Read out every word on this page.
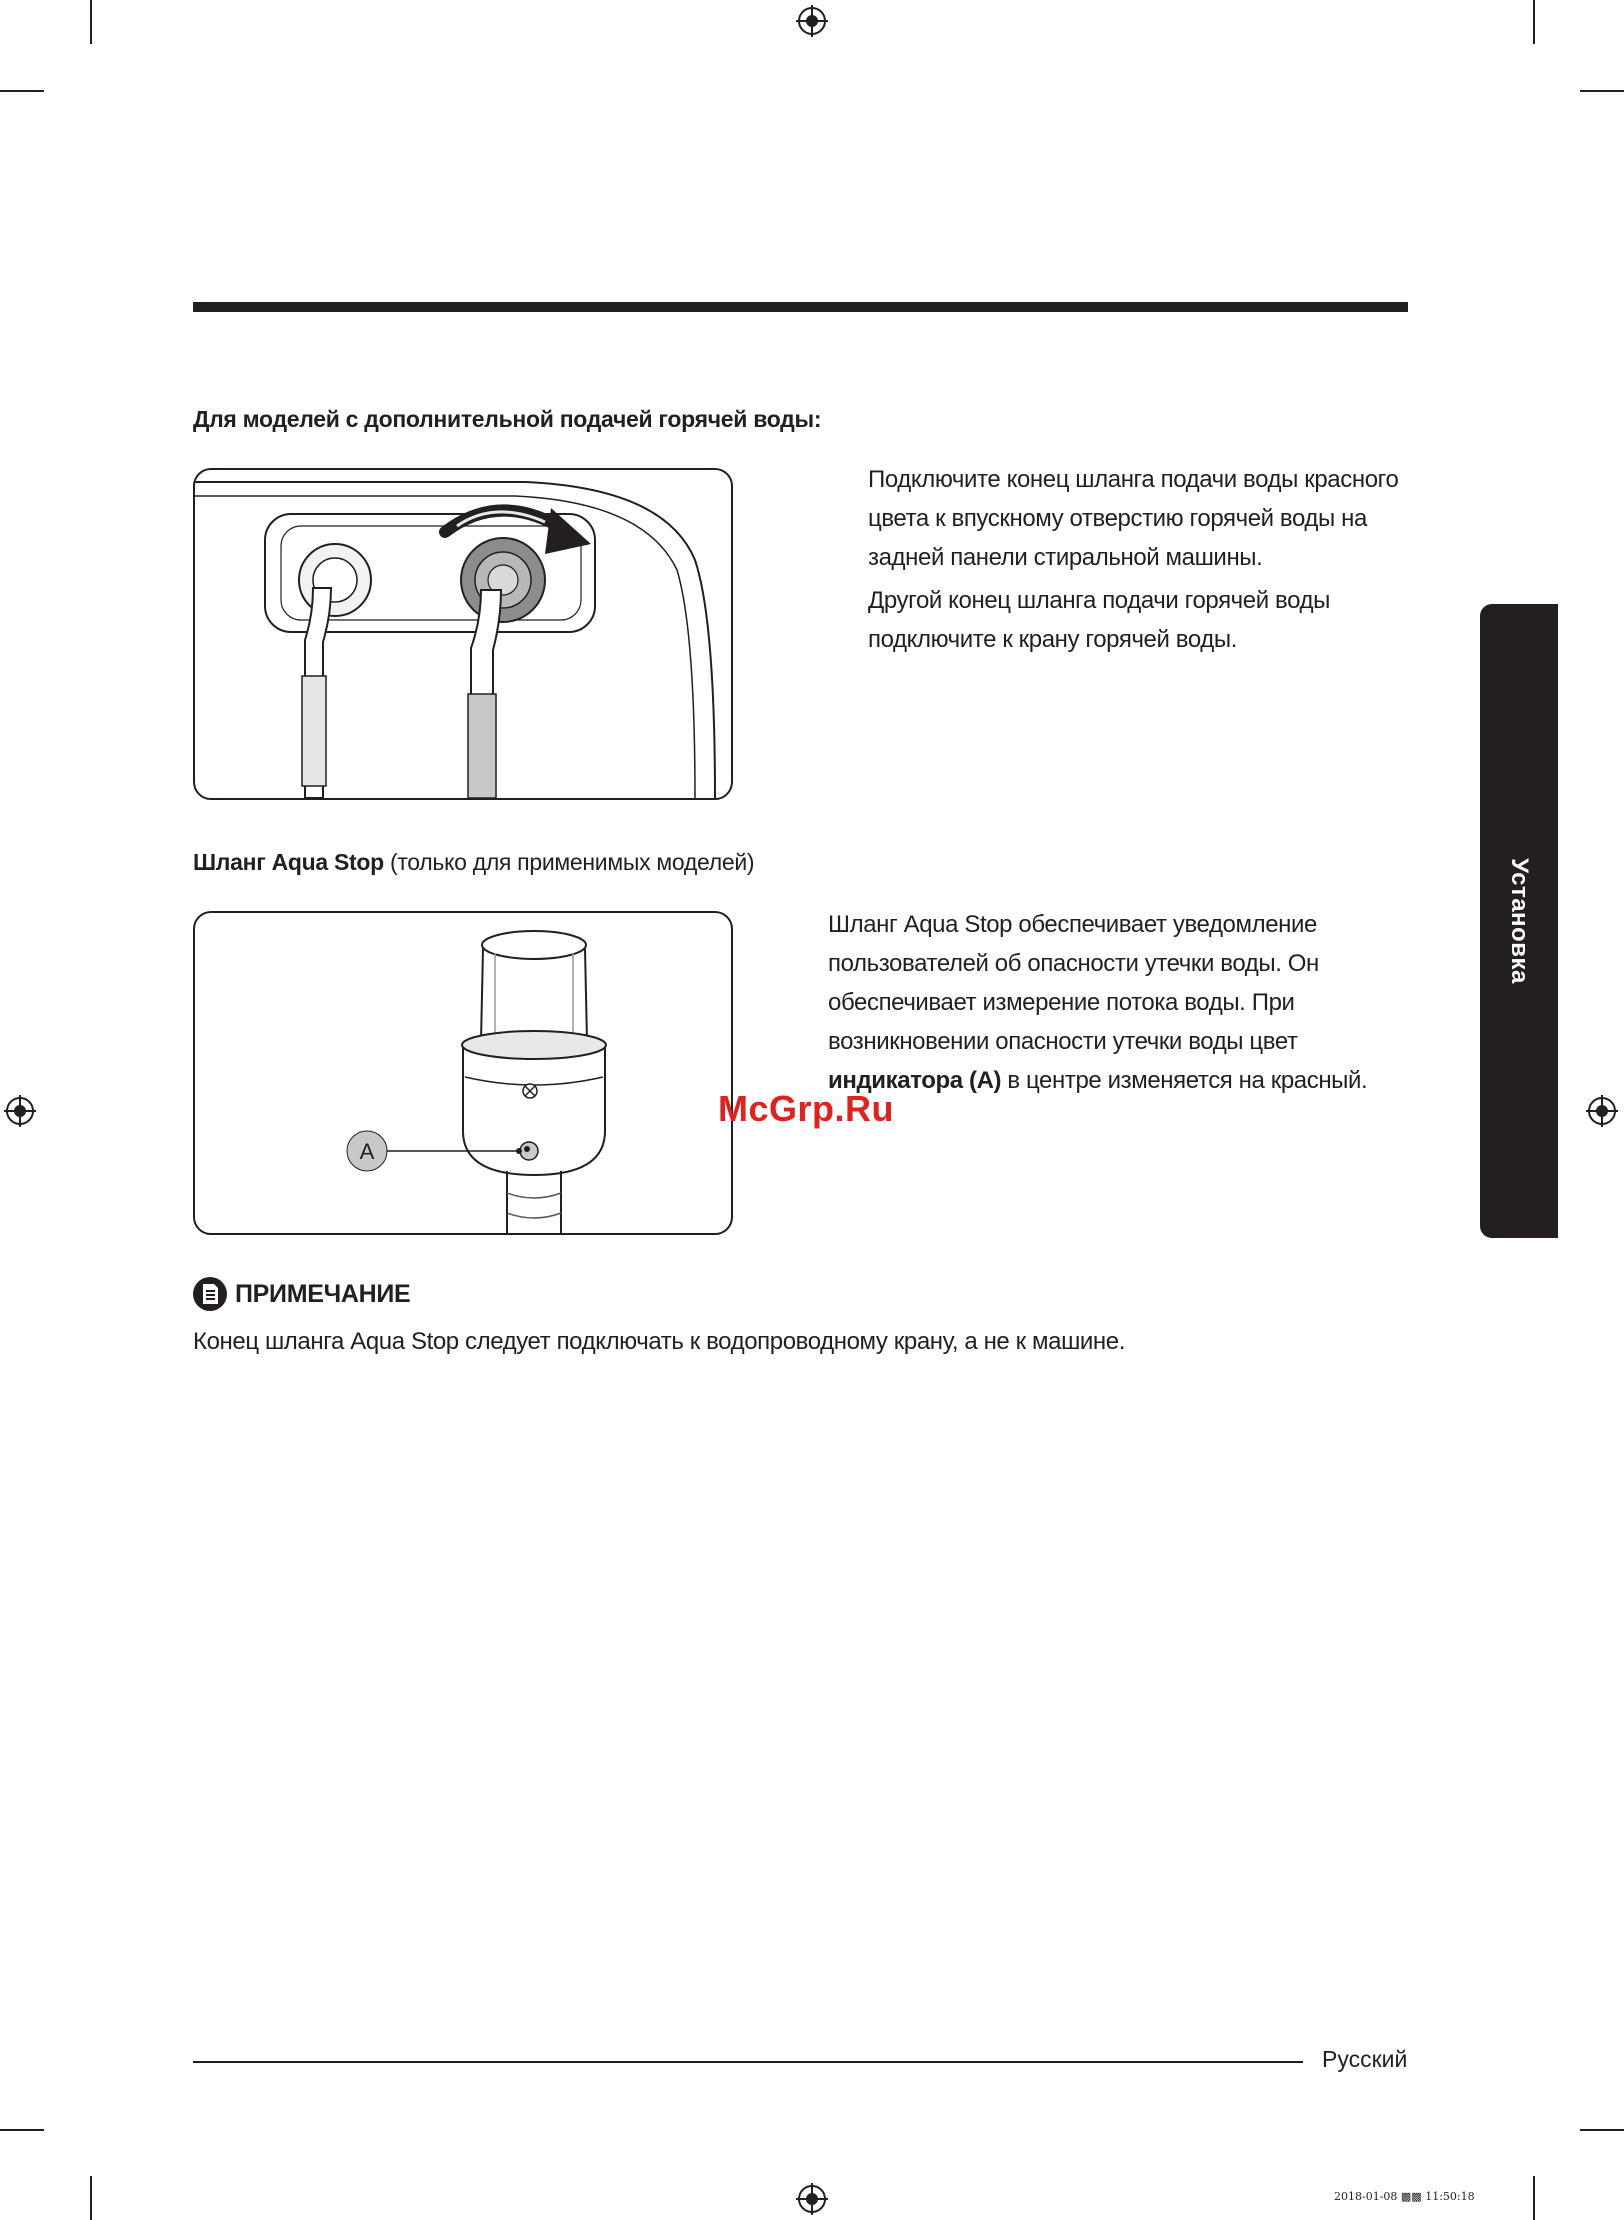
Установка
Для моделей с дополнительной подачей горячей воды:

Подключите конец шланга подачи воды красного

цвета к впускному отверстию горячей воды на

задней панели стиральной машины.

Другой конец шланга подачи горячей воды

подключите к крану горячей воды.

Шланг Aqua Stop (только для применимых моделей)
A

Шланг Aqua Stop обеспечивает уведомление

пользователей об опасности утечки воды. Он

обеспечивает измерение потока воды. При

возникновении опасности утечки воды цвет

индикатора (A) в центре изменяется на красный.

McGrp.Ru
ПРИМЕЧАНИЕ
Конец шланга Aqua Stop следует подключать к водопроводному крану, а не к машине.
Русский
2018-01-08 ▩▩ 11:50:18
